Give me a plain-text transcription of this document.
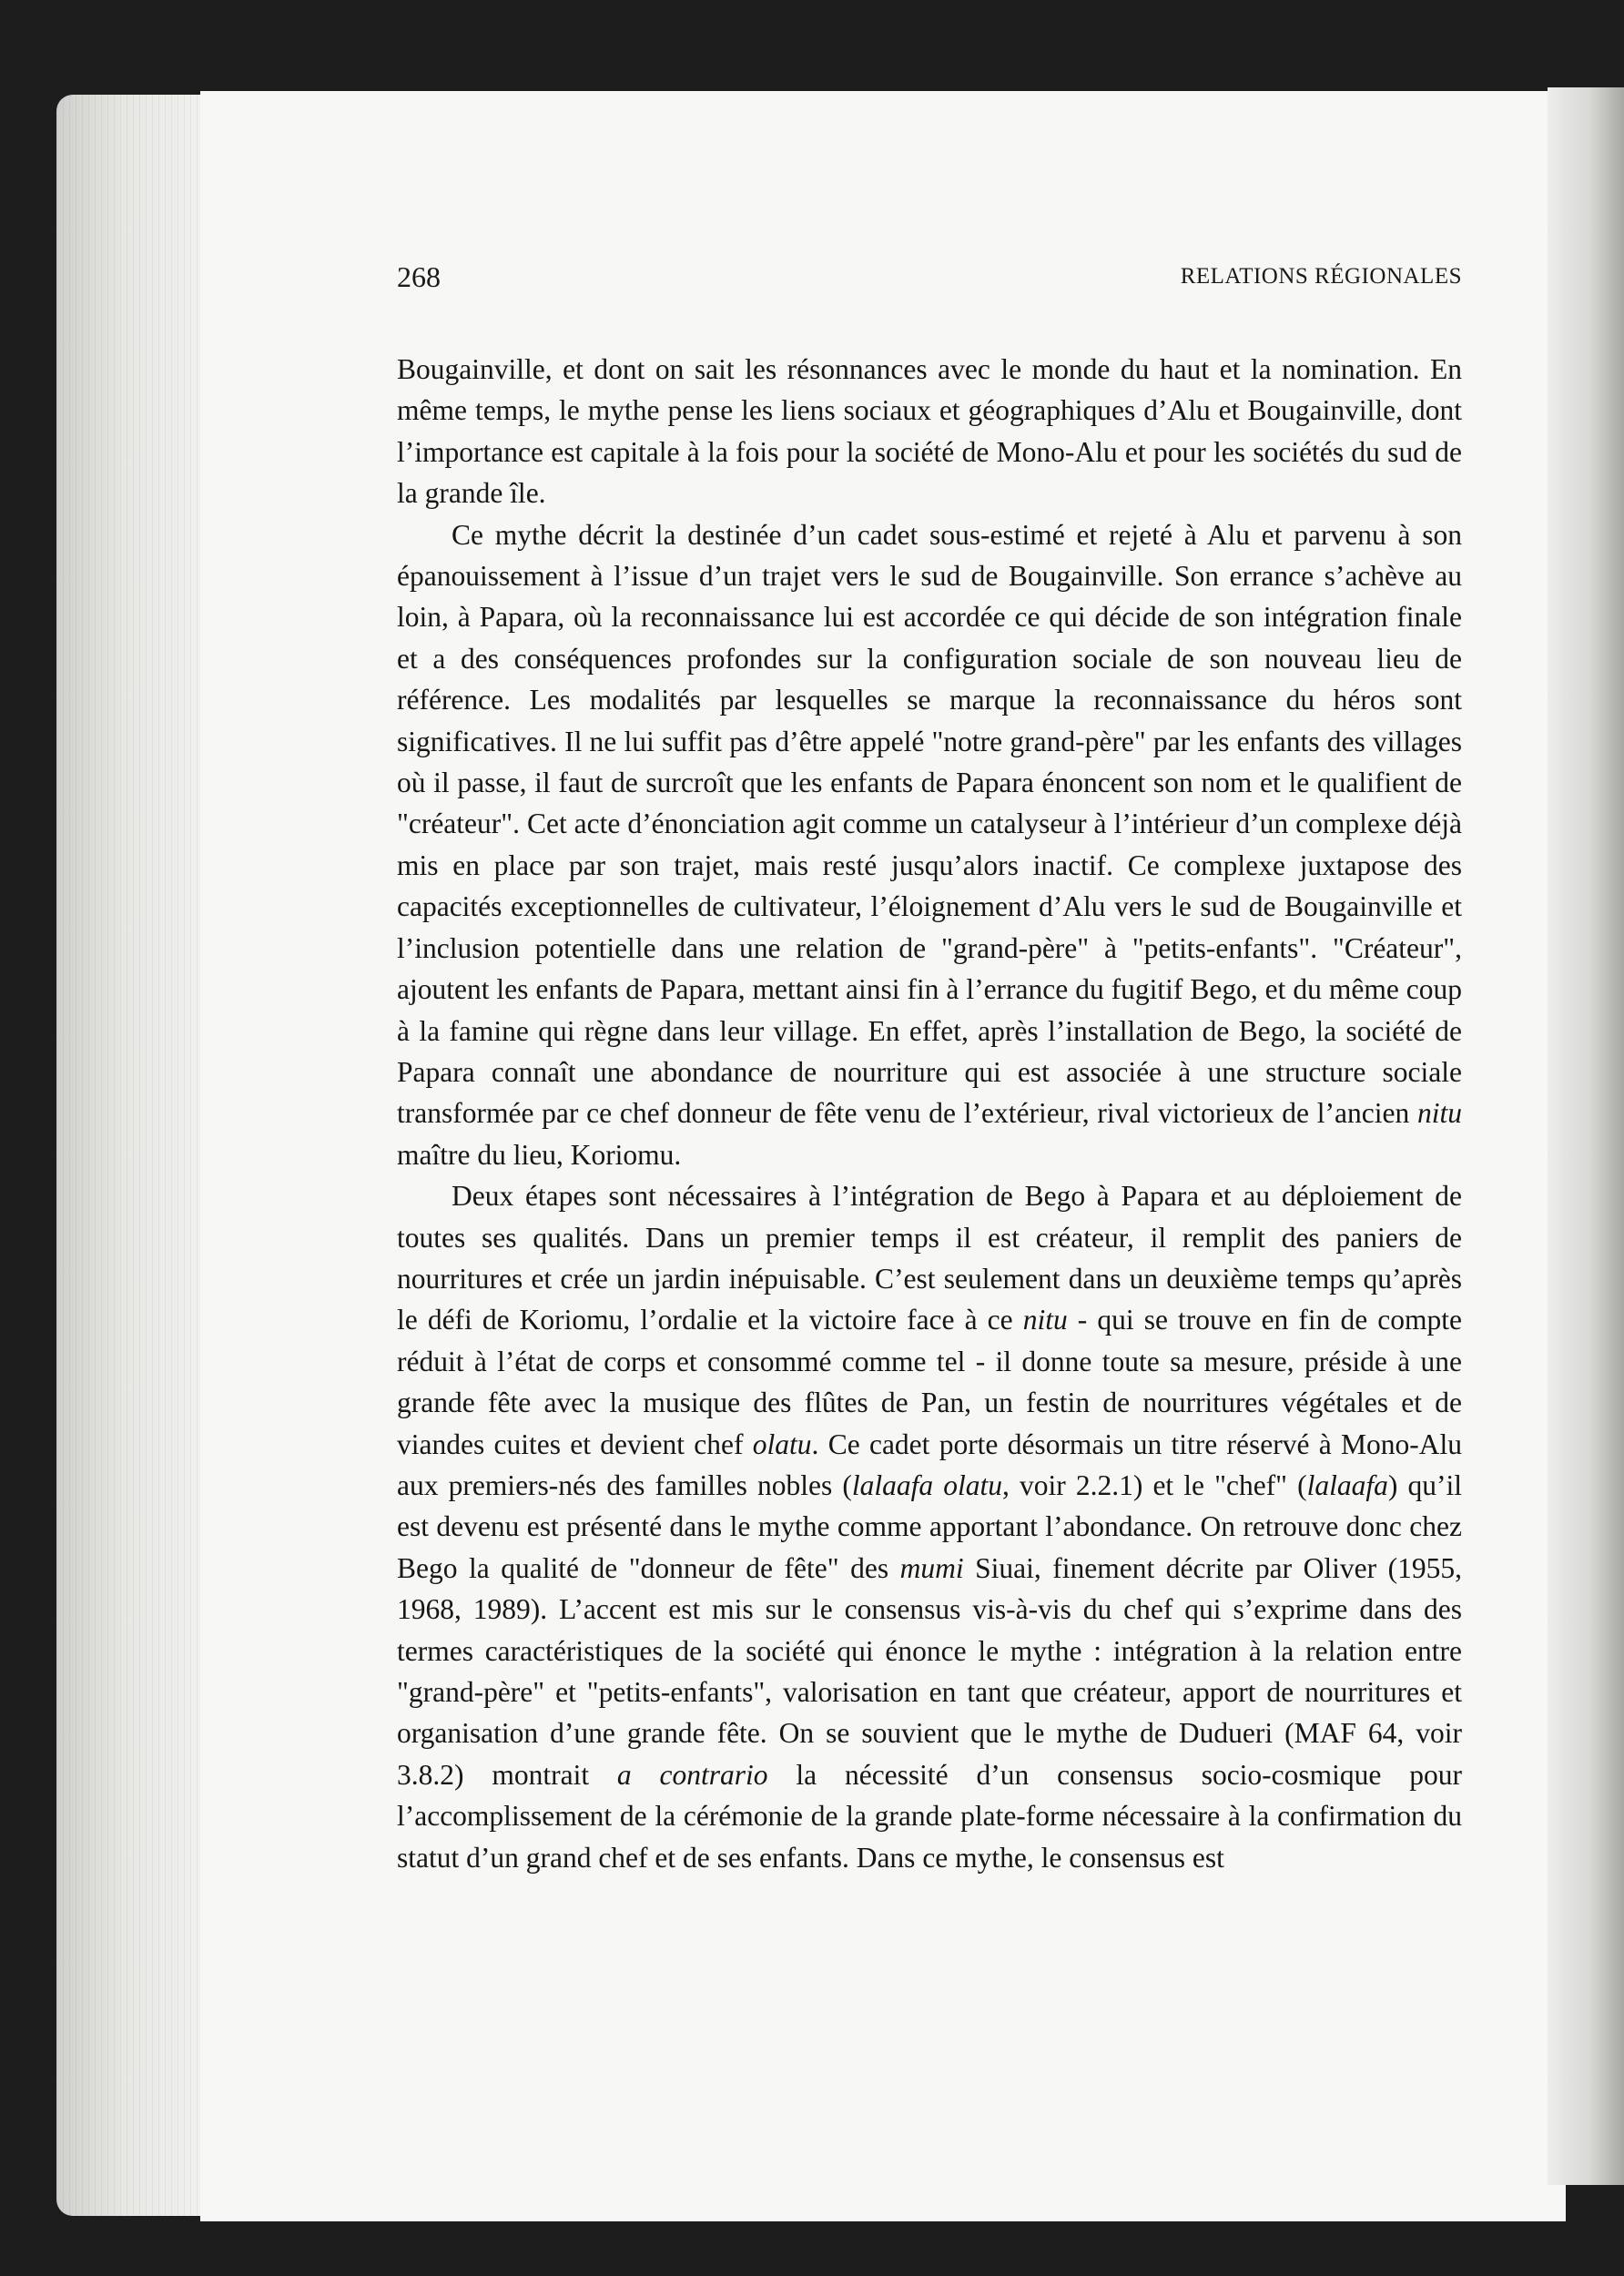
268	RELATIONS RÉGIONALES

Bougainville, et dont on sait les résonnances avec le monde du haut et la nomination. En même temps, le mythe pense les liens sociaux et géographiques d’Alu et Bougainville, dont l’importance est capitale à la fois pour la société de Mono-Alu et pour les sociétés du sud de la grande île.

Ce mythe décrit la destinée d’un cadet sous-estimé et rejeté à Alu et parvenu à son épanouissement à l’issue d’un trajet vers le sud de Bougainville. Son errance s’achève au loin, à Papara, où la reconnaissance lui est accordée ce qui décide de son intégration finale et a des conséquences profondes sur la configuration sociale de son nouveau lieu de référence. Les modalités par lesquelles se marque la reconnaissance du héros sont significatives. Il ne lui suffit pas d’être appelé "notre grand-père" par les enfants des villages où il passe, il faut de surcroît que les enfants de Papara énoncent son nom et le qualifient de "créateur". Cet acte d’énonciation agit comme un catalyseur à l’intérieur d’un complexe déjà mis en place par son trajet, mais resté jusqu’alors inactif. Ce complexe juxtapose des capacités exceptionnelles de cultivateur, l’éloignement d’Alu vers le sud de Bougainville et l’inclusion potentielle dans une relation de "grand-père" à "petits-enfants". "Créateur", ajoutent les enfants de Papara, mettant ainsi fin à l’errance du fugitif Bego, et du même coup à la famine qui règne dans leur village. En effet, après l’installation de Bego, la société de Papara connaît une abondance de nourriture qui est associée à une structure sociale transformée par ce chef donneur de fête venu de l’extérieur, rival victorieux de l’ancien nitu maître du lieu, Koriomu.

Deux étapes sont nécessaires à l’intégration de Bego à Papara et au déploiement de toutes ses qualités. Dans un premier temps il est créateur, il remplit des paniers de nourritures et crée un jardin inépuisable. C’est seulement dans un deuxième temps qu’après le défi de Koriomu, l’ordalie et la victoire face à ce nitu - qui se trouve en fin de compte réduit à l’état de corps et consommé comme tel - il donne toute sa mesure, préside à une grande fête avec la musique des flûtes de Pan, un festin de nourritures végétales et de viandes cuites et devient chef olatu. Ce cadet porte désormais un titre réservé à Mono-Alu aux premiers-nés des familles nobles (lalaafa olatu, voir 2.2.1) et le "chef" (lalaafa) qu’il est devenu est présenté dans le mythe comme apportant l’abondance. On retrouve donc chez Bego la qualité de "donneur de fête" des mumi Siuai, finement décrite par Oliver (1955, 1968, 1989). L’accent est mis sur le consensus vis-à-vis du chef qui s’exprime dans des termes caractéristiques de la société qui énonce le mythe : intégration à la relation entre "grand-père" et "petits-enfants", valorisation en tant que créateur, apport de nourritures et organisation d’une grande fête. On se souvient que le mythe de Dudueri (MAF 64, voir 3.8.2) montrait a contrario la nécessité d’un consensus socio-cosmique pour l’accomplissement de la cérémonie de la grande plate-forme nécessaire à la confirmation du statut d’un grand chef et de ses enfants. Dans ce mythe, le consensus est
